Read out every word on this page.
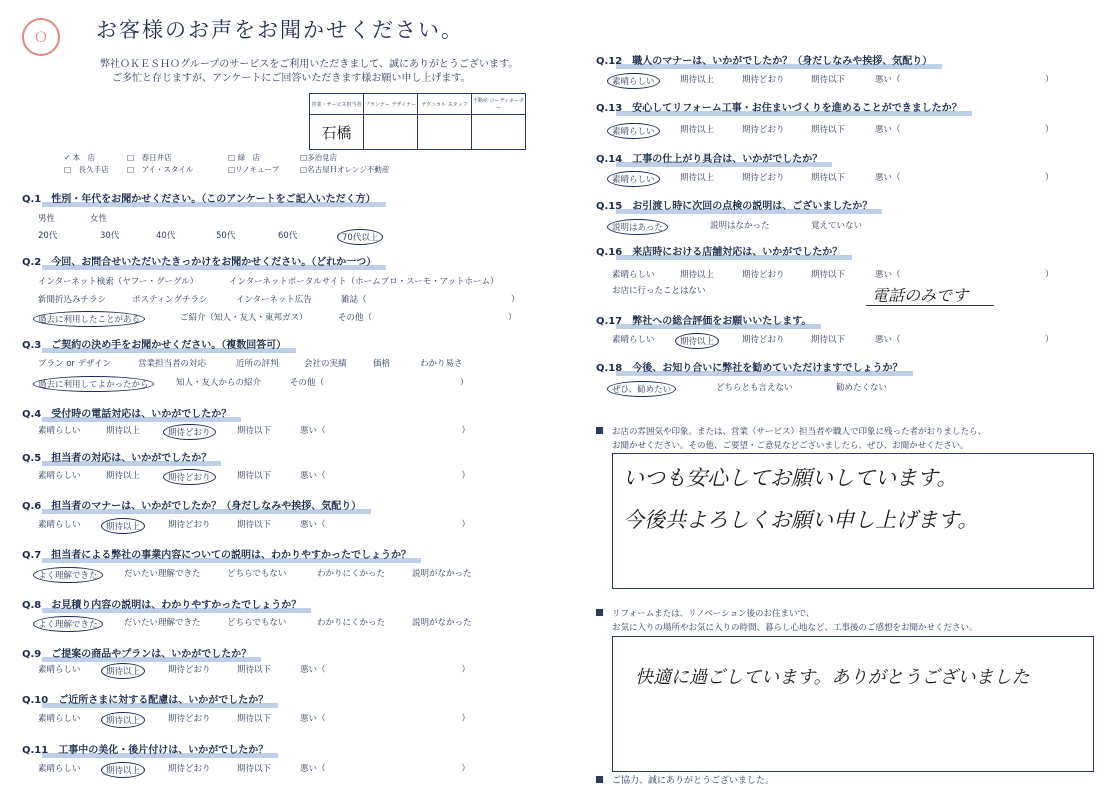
Ｏ	お客様のお声をお聞かせください。
弊社ＯＫＥＳＨＯグループのサービスをご利用いただきまして、誠にありがとうございます。
ご多忙と存じますが、アンケートにご回答いただきます様お願い申し上げます。
営業・サービス担当者	プランナー デザイナー	テクニカル スタッフ	不動産 コーディネーター
石橋			
✓ 本　店	□　春日井店	□ 緑　店	□多治見店
□　長久手店 □　アイ・スタイル	□リノキューブ	□名古屋Ｈオレンジ不動産
Q.1　性別・年代をお聞かせください。（このアンケートをご記入いただく方）
男性	女性
20代	30代	40代	50代	60代	70代以上
Q.2　今回、お問合せいただいたきっかけをお聞かせください。（どれか一つ）
インターネット検索（ヤフー・グーグル）	インターネットポータルサイト（ホームプロ・スーモ・アットホーム）
新聞折込みチラシ	ポスティングチラシ	インターネット広告	雑誌（　　　　　　　　　　　　　　　　　）
過去に利用したことがある	ご紹介（知人・友人・東邦ガス）	その他（　　　　　　　　　　　　　　　　）
Q.3　ご契約の決め手をお聞かせください。（複数回答可）
プラン or デザイン	営業担当者の対応	近所の評判	会社の実績	価格	わかり易さ
過去に利用してよかったから	知人・友人からの紹介	その他（　　　　　　　　　　　　　　　　）
Q.4　受付時の電話対応は、いかがでしたか？
素晴らしい	期待以上	期待どおり	期待以下	悪い（　　　　　　　　　　　　　　　　）
Q.5　担当者の対応は、いかがでしたか？
素晴らしい	期待以上	期待どおり	期待以下	悪い（　　　　　　　　　　　　　　　　）
Q.6　担当者のマナーは、いかがでしたか？（身だしなみや挨拶、気配り）
素晴らしい	期待以上	期待どおり	期待以下	悪い（　　　　　　　　　　　　　　　　）
Q.7　担当者による弊社の事業内容についての説明は、わかりやすかったでしょうか？
よく理解できた	だいたい理解できた	どちらでもない	わかりにくかった	説明がなかった
Q.8　お見積り内容の説明は、わかりやすかったでしょうか？
よく理解できた	だいたい理解できた	どちらでもない	わかりにくかった	説明がなかった
Q.9　ご提案の商品やプランは、いかがでしたか？
素晴らしい	期待以上	期待どおり	期待以下	悪い（　　　　　　　　　　　　　　　　）
Q.10　ご近所さまに対する配慮は、いかがでしたか？
素晴らしい	期待以上	期待どおり	期待以下	悪い（　　　　　　　　　　　　　　　　）
Q.11　工事中の美化・後片付けは、いかがでしたか？
素晴らしい	期待以上	期待どおり	期待以下	悪い（　　　　　　　　　　　　　　　　）
Q.12　職人のマナーは、いかがでしたか？（身だしなみや挨拶、気配り）
素晴らしい	期待以上	期待どおり	期待以下	悪い（　　　　　　　　　　　　　　　　　）
Q.13　安心してリフォーム工事・お住まいづくりを進めることができましたか？
素晴らしい	期待以上	期待どおり	期待以下	悪い（　　　　　　　　　　　　　　　　　）
Q.14　工事の仕上がり具合は、いかがでしたか？
素晴らしい	期待以上	期待どおり	期待以下	悪い（　　　　　　　　　　　　　　　　　）
Q.15　お引渡し時に次回の点検の説明は、ございましたか？
説明はあった	説明はなかった	覚えていない
Q.16　来店時における店舗対応は、いかがでしたか？
素晴らしい	期待以上	期待どおり	期待以下	悪い（　　　　　　　　　　　　　　　　　）
お店に行ったことはない
Q.17　弊社への総合評価をお願いいたします。
素晴らしい	期待以上	期待どおり	期待以下	悪い（　　　　　　　　　　　　　　　　　）
Q.18　今後、お知り合いに弊社を勧めていただけますでしょうか？
ぜひ、勧めたい	どちらとも言えない	勧めたくない
電話のみです
お店の雰囲気や印象。または、営業（サービス）担当者や職人で印象に残った者がおりましたら、
お聞かせください。その他、ご要望・ご意見などございましたら、ぜひ、お聞かせください。
いつも安心してお願いしています。
今後共よろしくお願い申し上げます。
リフォームまたは、リノベーション後のお住まいで、
お気に入りの場所やお気に入りの時間、暮らし心地など、工事後のご感想をお聞かせください。
快適に過ごしています。ありがとうございました
ご協力、誠にありがとうございました。
